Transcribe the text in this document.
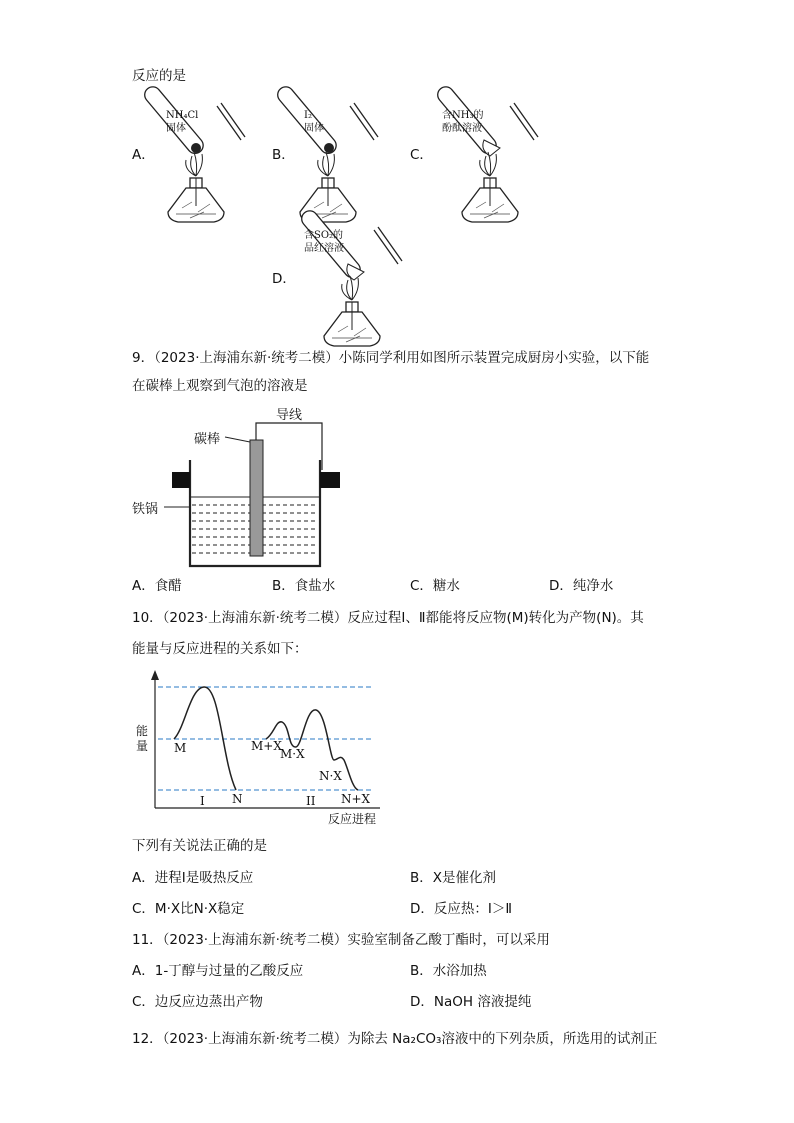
反应的是
A．
NH₄Cl
固体
B．
I₂
固体
C．
含NH₃的
酚酞溶液
D．
含SO₂的
品红溶液
9．（2023·上海浦东新·统考二模）小陈同学利用如图所示装置完成厨房小实验，以下能
在碳棒上观察到气泡的溶液是
导线
碳棒
铁锅
A．食醋	B．食盐水	C．糖水	D．纯净水
10．（2023·上海浦东新·统考二模）反应过程Ⅰ、Ⅱ都能将反应物(M)转化为产物(N)。其
能量与反应进程的关系如下：
能
量 M
N
I	II
M+X
M·X
N·X
N+X
反应进程
下列有关说法正确的是
A．进程Ⅰ是吸热反应	B．X是催化剂
C．M·X比N·X稳定	D．反应热：Ⅰ＞Ⅱ
11．（2023·上海浦东新·统考二模）实验室制备乙酸丁酯时，可以采用
A．1-丁醇与过量的乙酸反应	B．水浴加热
C．边反应边蒸出产物	D．NaOH 溶液提纯
12．（2023·上海浦东新·统考二模）为除去 Na₂CO₃溶液中的下列杂质，所选用的试剂正
